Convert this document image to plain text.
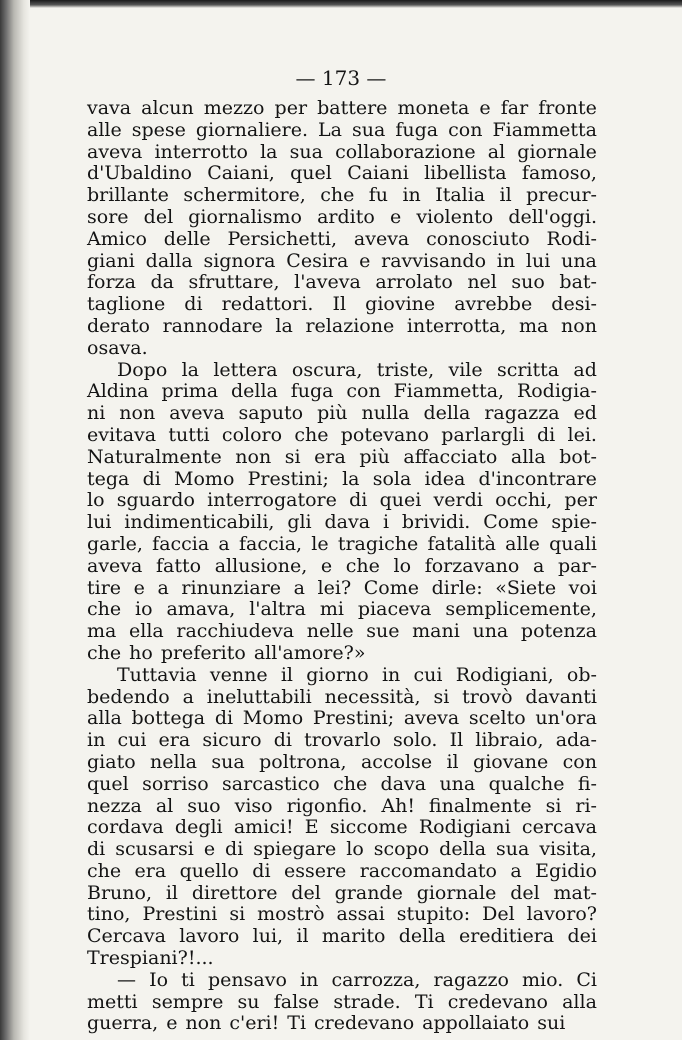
— 173 —
vava alcun mezzo per battere moneta e far fronte
alle spese giornaliere. La sua fuga con Fiammetta
aveva interrotto la sua collaborazione al giornale
d'Ubaldino Caiani, quel Caiani libellista famoso,
brillante schermitore, che fu in Italia il precur-
sore del giornalismo ardito e violento dell'oggi.
Amico delle Persichetti, aveva conosciuto Rodi-
giani dalla signora Cesira e ravvisando in lui una
forza da sfruttare, l'aveva arrolato nel suo bat-
taglione di redattori. Il giovine avrebbe desi-
derato rannodare la relazione interrotta, ma non
osava.
Dopo la lettera oscura, triste, vile scritta ad
Aldina prima della fuga con Fiammetta, Rodigia-
ni non aveva saputo più nulla della ragazza ed
evitava tutti coloro che potevano parlargli di lei.
Naturalmente non si era più affacciato alla bot-
tega di Momo Prestini; la sola idea d'incontrare
lo sguardo interrogatore di quei verdi occhi, per
lui indimenticabili, gli dava i brividi. Come spie-
garle, faccia a faccia, le tragiche fatalità alle quali
aveva fatto allusione, e che lo forzavano a par-
tire e a rinunziare a lei? Come dirle: «Siete voi
che io amava, l'altra mi piaceva semplicemente,
ma ella racchiudeva nelle sue mani una potenza
che ho preferito all'amore?»
Tuttavia venne il giorno in cui Rodigiani, ob-
bedendo a ineluttabili necessità, si trovò davanti
alla bottega di Momo Prestini; aveva scelto un'ora
in cui era sicuro di trovarlo solo. Il libraio, ada-
giato nella sua poltrona, accolse il giovane con
quel sorriso sarcastico che dava una qualche fi-
nezza al suo viso rigonfio. Ah! finalmente si ri-
cordava degli amici! E siccome Rodigiani cercava
di scusarsi e di spiegare lo scopo della sua visita,
che era quello di essere raccomandato a Egidio
Bruno, il direttore del grande giornale del mat-
tino, Prestini si mostrò assai stupito: Del lavoro?
Cercava lavoro lui, il marito della ereditiera dei
Trespiani?!...
— Io ti pensavo in carrozza, ragazzo mio. Ci
metti sempre su false strade. Ti credevano alla
guerra, e non c'eri! Ti credevano appollaiato sui
